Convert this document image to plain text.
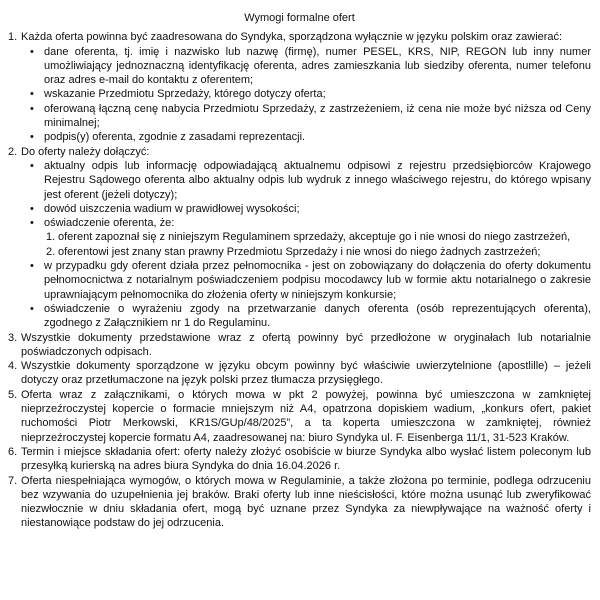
Wymogi formalne ofert
1. Każda oferta powinna być zaadresowana do Syndyka, sporządzona wyłącznie w języku polskim oraz zawierać:
• dane oferenta, tj. imię i nazwisko lub nazwę (firmę), numer PESEL, KRS, NIP, REGON lub inny numer umożliwiający jednoznaczną identyfikację oferenta, adres zamieszkania lub siedziby oferenta, numer telefonu oraz adres e-mail do kontaktu z oferentem;
• wskazanie Przedmiotu Sprzedaży, którego dotyczy oferta;
• oferowaną łączną cenę nabycia Przedmiotu Sprzedaży, z zastrzeżeniem, iż cena nie może być niższa od Ceny minimalnej;
• podpis(y) oferenta, zgodnie z zasadami reprezentacji.
2. Do oferty należy dołączyć:
• aktualny odpis lub informację odpowiadającą aktualnemu odpisowi z rejestru przedsiębiorców Krajowego Rejestru Sądowego oferenta albo aktualny odpis lub wydruk z innego właściwego rejestru, do którego wpisany jest oferent (jeżeli dotyczy);
• dowód uiszczenia wadium w prawidłowej wysokości;
• oświadczenie oferenta, że:
1. oferent zapoznał się z niniejszym Regulaminem sprzedaży, akceptuje go i nie wnosi do niego zastrzeżeń,
2. oferentowi jest znany stan prawny Przedmiotu Sprzedaży i nie wnosi do niego żadnych zastrzeżeń;
• w przypadku gdy oferent działa przez pełnomocnika - jest on zobowiązany do dołączenia do oferty dokumentu pełnomocnictwa z notarialnym poświadczeniem podpisu mocodawcy lub w formie aktu notarialnego o zakresie uprawniającym pełnomocnika do złożenia oferty w niniejszym konkursie;
• oświadczenie o wyrażeniu zgody na przetwarzanie danych oferenta (osób reprezentujących oferenta), zgodnego z Załącznikiem nr 1 do Regulaminu.
3. Wszystkie dokumenty przedstawione wraz z ofertą powinny być przedłożone w oryginałach lub notarialnie poświadczonych odpisach.
4. Wszystkie dokumenty sporządzone w języku obcym powinny być właściwie uwierzytelnione (apostlille) – jeżeli dotyczy oraz przetłumaczone na język polski przez tłumacza przysięgłego.
5. Oferta wraz z załącznikami, o których mowa w pkt 2 powyżej, powinna być umieszczona w zamkniętej nieprzeźroczystej kopercie o formacie mniejszym niż A4, opatrzona dopiskiem wadium, „konkurs ofert, pakiet ruchomości Piotr Merkowski, KR1S/GUp/48/2025”, a ta koperta umieszczona w zamkniętej, również nieprzeźroczystej kopercie formatu A4, zaadresowanej na: biuro Syndyka ul. F. Eisenberga 11/1, 31-523 Kraków.
6. Termin i miejsce składania ofert: oferty należy złożyć osobiście w biurze Syndyka albo wysłać listem poleconym lub przesyłką kurierską na adres biura Syndyka do dnia 16.04.2026 r.
7. Oferta niespełniająca wymogów, o których mowa w Regulaminie, a także złożona po terminie, podlega odrzuceniu bez wzywania do uzupełnienia jej braków. Braki oferty lub inne nieścisłości, które można usunąć lub zweryfikować niezwłocznie w dniu składania ofert, mogą być uznane przez Syndyka za niewpływające na ważność oferty i niestanowiące podstaw do jej odrzucenia.
